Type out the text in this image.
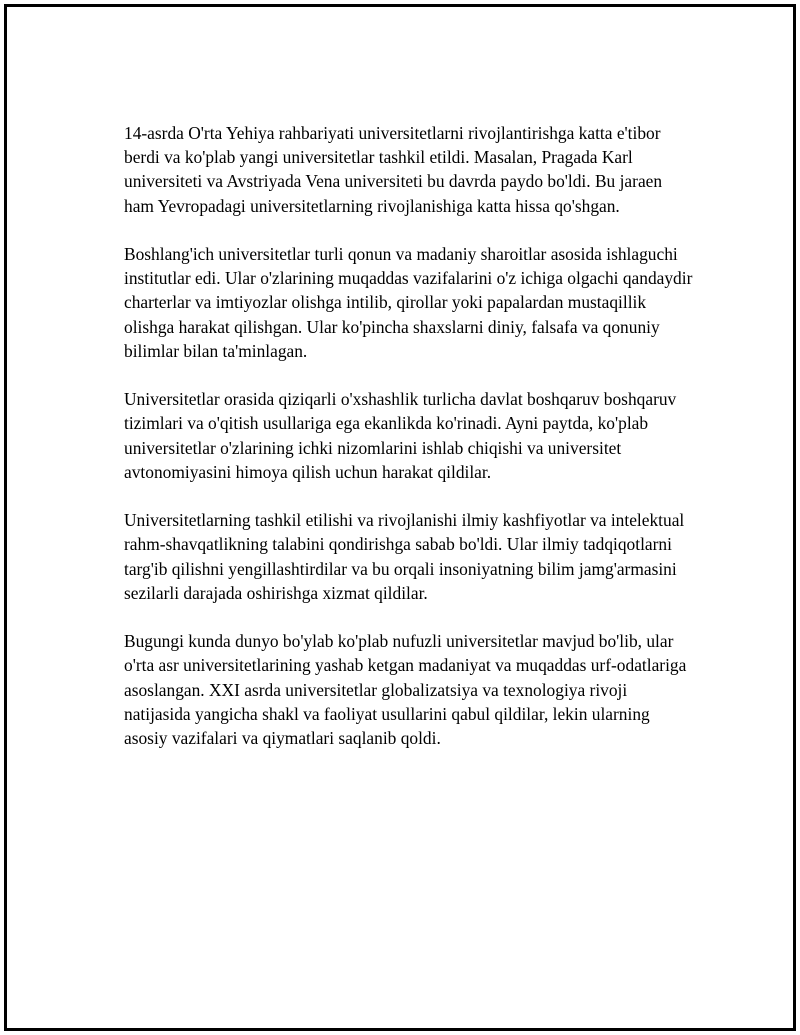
14-asrda O'rta Yehiya rahbariyati universitetlarni rivojlantirishga katta e'tibor berdi va ko'plab yangi universitetlar tashkil etildi. Masalan, Pragada Karl universiteti va Avstriyada Vena universiteti bu davrda paydo bo'ldi. Bu jaraen ham Yevropadagi universitetlarning rivojlanishiga katta hissa qo'shgan.

Boshlang'ich universitetlar turli qonun va madaniy sharoitlar asosida ishlaguchi institutlar edi. Ular o'zlarining muqaddas vazifalarini o'z ichiga olgachi qandaydir charterlar va imtiyozlar olishga intilib, qirollar yoki papalardan mustaqillik olishga harakat qilishgan. Ular ko'pincha shaxslarni diniy, falsafa va qonuniy bilimlar bilan ta'minlagan.

Universitetlar orasida qiziqarli o'xshashlik turlicha davlat boshqaruv boshqaruv tizimlari va o'qitish usullariga ega ekanlikda ko'rinadi. Ayni paytda, ko'plab universitetlar o'zlarining ichki nizomlarini ishlab chiqishi va universitet avtonomiyasini himoya qilish uchun harakat qildilar.

Universitetlarning tashkil etilishi va rivojlanishi ilmiy kashfiyotlar va intelektual rahm-shavqatlikning talabini qondirishga sabab bo'ldi. Ular ilmiy tadqiqotlarni targ'ib qilishni yengillashtirdilar va bu orqali insoniyatning bilim jamg'armasini sezilarli darajada oshirishga xizmat qildilar.

Bugungi kunda dunyo bo'ylab ko'plab nufuzli universitetlar mavjud bo'lib, ular o'rta asr universitetlarining yashab ketgan madaniyat va muqaddas urf-odatlariga asoslangan. XXI asrda universitetlar globalizatsiya va texnologiya rivoji natijasida yangicha shakl va faoliyat usullarini qabul qildilar, lekin ularning asosiy vazifalari va qiymatlari saqlanib qoldi.
